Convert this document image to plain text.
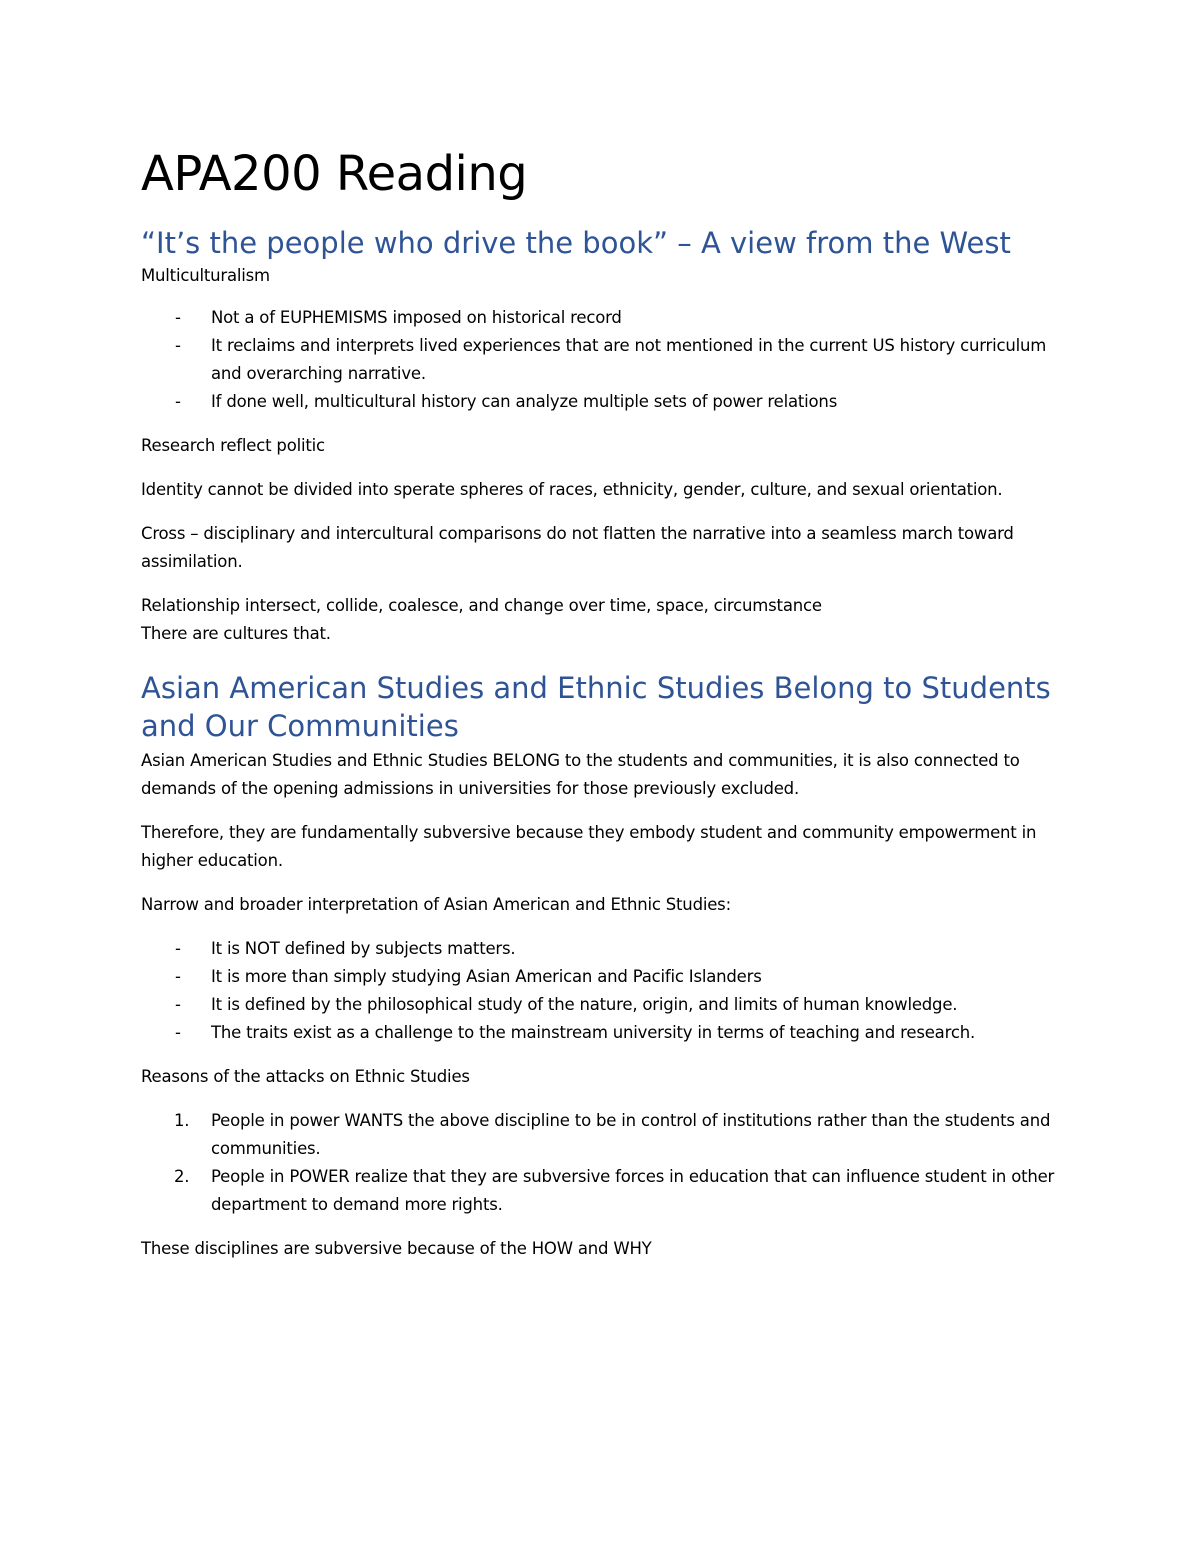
APA200 Reading
“It’s the people who drive the book” – A view from the West

Multiculturalism

- Not a of EUPHEMISMS imposed on historical record
- It reclaims and interprets lived experiences that are not mentioned in the current US history curriculum and overarching narrative.
- If done well, multicultural history can analyze multiple sets of power relations

Research reflect politic

Identity cannot be divided into sperate spheres of races, ethnicity, gender, culture, and sexual orientation.

Cross – disciplinary and intercultural comparisons do not flatten the narrative into a seamless march toward assimilation.

Relationship intersect, collide, coalesce, and change over time, space, circumstance

There are cultures that.

Asian American Studies and Ethnic Studies Belong to Students and Our Communities

Asian American Studies and Ethnic Studies BELONG to the students and communities, it is also connected to demands of the opening admissions in universities for those previously excluded.

Therefore, they are fundamentally subversive because they embody student and community empowerment in higher education.

Narrow and broader interpretation of Asian American and Ethnic Studies:

- It is NOT defined by subjects matters.
- It is more than simply studying Asian American and Pacific Islanders
- It is defined by the philosophical study of the nature, origin, and limits of human knowledge.
- The traits exist as a challenge to the mainstream university in terms of teaching and research.

Reasons of the attacks on Ethnic Studies

1. People in power WANTS the above discipline to be in control of institutions rather than the students and communities.
2. People in POWER realize that they are subversive forces in education that can influence student in other department to demand more rights.

These disciplines are subversive because of the HOW and WHY
